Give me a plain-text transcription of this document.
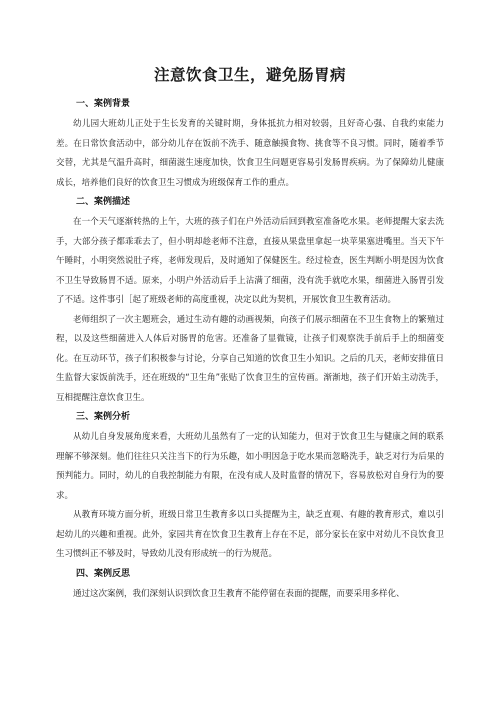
注意饮食卫生，避免肠胃病
一、案例背景

幼儿园大班幼儿正处于生长发育的关键时期，身体抵抗力相对较弱，且好奇心强、自我约束能力差。在日常饮食活动中，部分幼儿存在饭前不洗手、随意触摸食物、挑食等不良习惯。同时，随着季节交替，尤其是气温升高时，细菌滋生速度加快，饮食卫生问题更容易引发肠胃疾病。为了保障幼儿健康成长，培养他们良好的饮食卫生习惯成为班级保育工作的重点。

二、案例描述

在一个天气逐渐转热的上午，大班的孩子们在户外活动后回到教室准备吃水果。老师提醒大家去洗手，大部分孩子都乖乖去了，但小明却趁老师不注意，直接从果盘里拿起一块苹果塞进嘴里。当天下午午睡时，小明突然说肚子疼，老师发现后，及时通知了保健医生。经过检查，医生判断小明是因为饮食不卫生导致肠胃不适。原来，小明户外活动后手上沾满了细菌，没有洗手就吃水果，细菌进入肠胃引发了不适。这件事引［起了班级老师的高度重视，决定以此为契机，开展饮食卫生教育活动。

老师组织了一次主题班会，通过生动有趣的动画视频，向孩子们展示细菌在不卫生食物上的繁殖过程，以及这些细菌进入人体后对肠胃的危害。还准备了显微镜，让孩子们观察洗手前后手上的细菌变化。在互动环节，孩子们积极参与讨论，分享自己知道的饮食卫生小知识。之后的几天，老师安排值日生监督大家饭前洗手，还在班级的“卫生角”张贴了饮食卫生的宣传画。渐渐地，孩子们开始主动洗手，互相提醒注意饮食卫生。

三、案例分析

从幼儿自身发展角度来看，大班幼儿虽然有了一定的认知能力，但对于饮食卫生与健康之间的联系理解不够深刻。他们往往只关注当下的行为乐趣，如小明因急于吃水果而忽略洗手，缺乏对行为后果的预判能力。同时，幼儿的自我控制能力有限，在没有成人及时监督的情况下，容易放松对自身行为的要求。

从教育环境方面分析，班级日常卫生教育多以口头提醒为主，缺乏直观、有趣的教育形式，难以引起幼儿的兴趣和重视。此外，家园共育在饮食卫生教育上存在不足，部分家长在家中对幼儿不良饮食卫生习惯纠正不够及时，导致幼儿没有形成统一的行为规范。

四、案例反思

通过这次案例，我们深刻认识到饮食卫生教育不能停留在表面的提醒，而要采用多样化、
